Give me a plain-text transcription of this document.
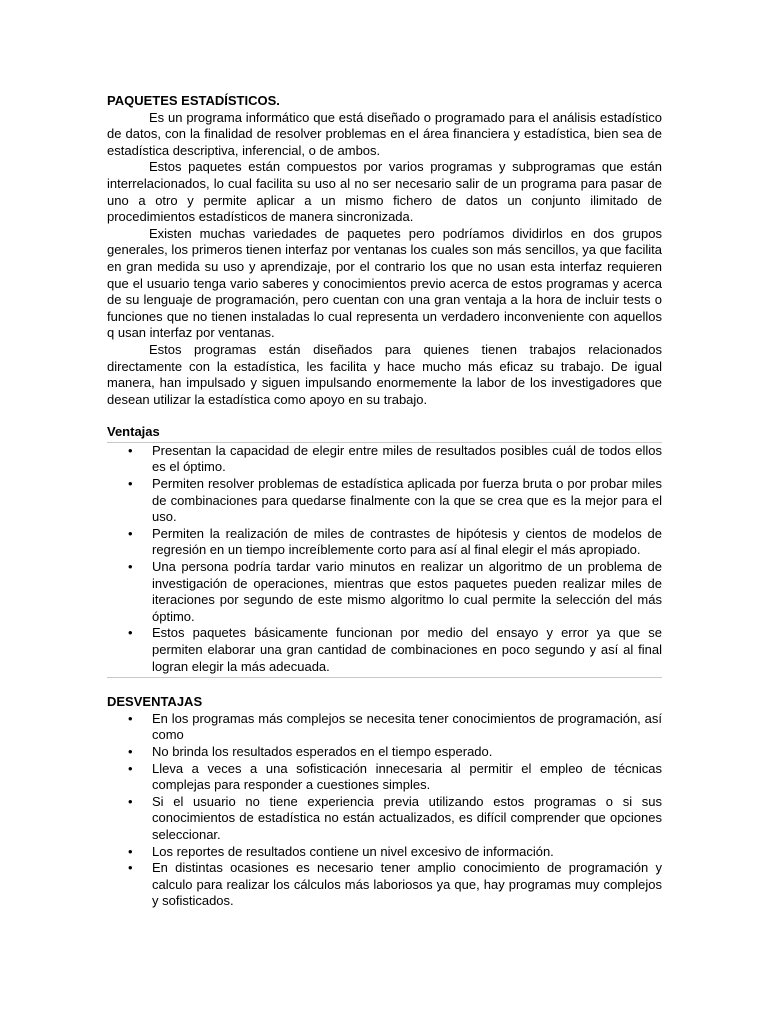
PAQUETES ESTADÍSTICOS.

Es un programa informático que está diseñado o programado para el análisis estadístico de datos, con la finalidad de resolver problemas en el área financiera y estadística, bien sea de estadística descriptiva, inferencial, o de ambos.

Estos paquetes están compuestos por varios programas y subprogramas que están interrelacionados, lo cual facilita su uso al no ser necesario salir de un programa para pasar de uno a otro y permite aplicar a un mismo fichero de datos un conjunto ilimitado de procedimientos estadísticos de manera sincronizada.

Existen muchas variedades de paquetes pero podríamos dividirlos en dos grupos generales, los primeros tienen interfaz por ventanas los cuales son más sencillos, ya que facilita en gran medida su uso y aprendizaje, por el contrario los que no usan esta interfaz requieren que el usuario tenga vario saberes y conocimientos previo acerca de estos programas y acerca de su lenguaje de programación, pero cuentan con una gran ventaja a la hora de incluir tests o funciones que no tienen instaladas lo cual representa un verdadero inconveniente con aquellos q usan interfaz por ventanas.

Estos programas están diseñados para quienes tienen trabajos relacionados directamente con la estadística, les facilita y hace mucho más eficaz su trabajo. De igual manera, han impulsado y siguen impulsando enormemente la labor de los investigadores que desean utilizar la estadística como apoyo en su trabajo.

Ventajas

• Presentan la capacidad de elegir entre miles de resultados posibles cuál de todos ellos es el óptimo.
• Permiten resolver problemas de estadística aplicada por fuerza bruta o por probar miles de combinaciones para quedarse finalmente con la que se crea que es la mejor para el uso.
• Permiten la realización de miles de contrastes de hipótesis y cientos de modelos de regresión en un tiempo increíblemente corto para así al final elegir el más apropiado.
• Una persona podría tardar vario minutos en realizar un algoritmo de un problema de investigación de operaciones, mientras que estos paquetes pueden realizar miles de iteraciones por segundo de este mismo algoritmo lo cual permite la selección del más óptimo.
• Estos paquetes básicamente funcionan por medio del ensayo y error ya que se permiten elaborar una gran cantidad de combinaciones en poco segundo y así al final logran elegir la más adecuada.

DESVENTAJAS

• En los programas más complejos se necesita tener conocimientos de programación, así como
• No brinda los resultados esperados en el tiempo esperado.
• Lleva a veces a una sofisticación innecesaria al permitir el empleo de técnicas complejas para responder a cuestiones simples.
• Si el usuario no tiene experiencia previa utilizando estos programas o si sus conocimientos de estadística no están actualizados, es difícil comprender que opciones seleccionar.
• Los reportes de resultados contiene un nivel excesivo de información.
• En distintas ocasiones es necesario tener amplio conocimiento de programación y calculo para realizar los cálculos más laboriosos ya que, hay programas muy complejos y sofisticados.
